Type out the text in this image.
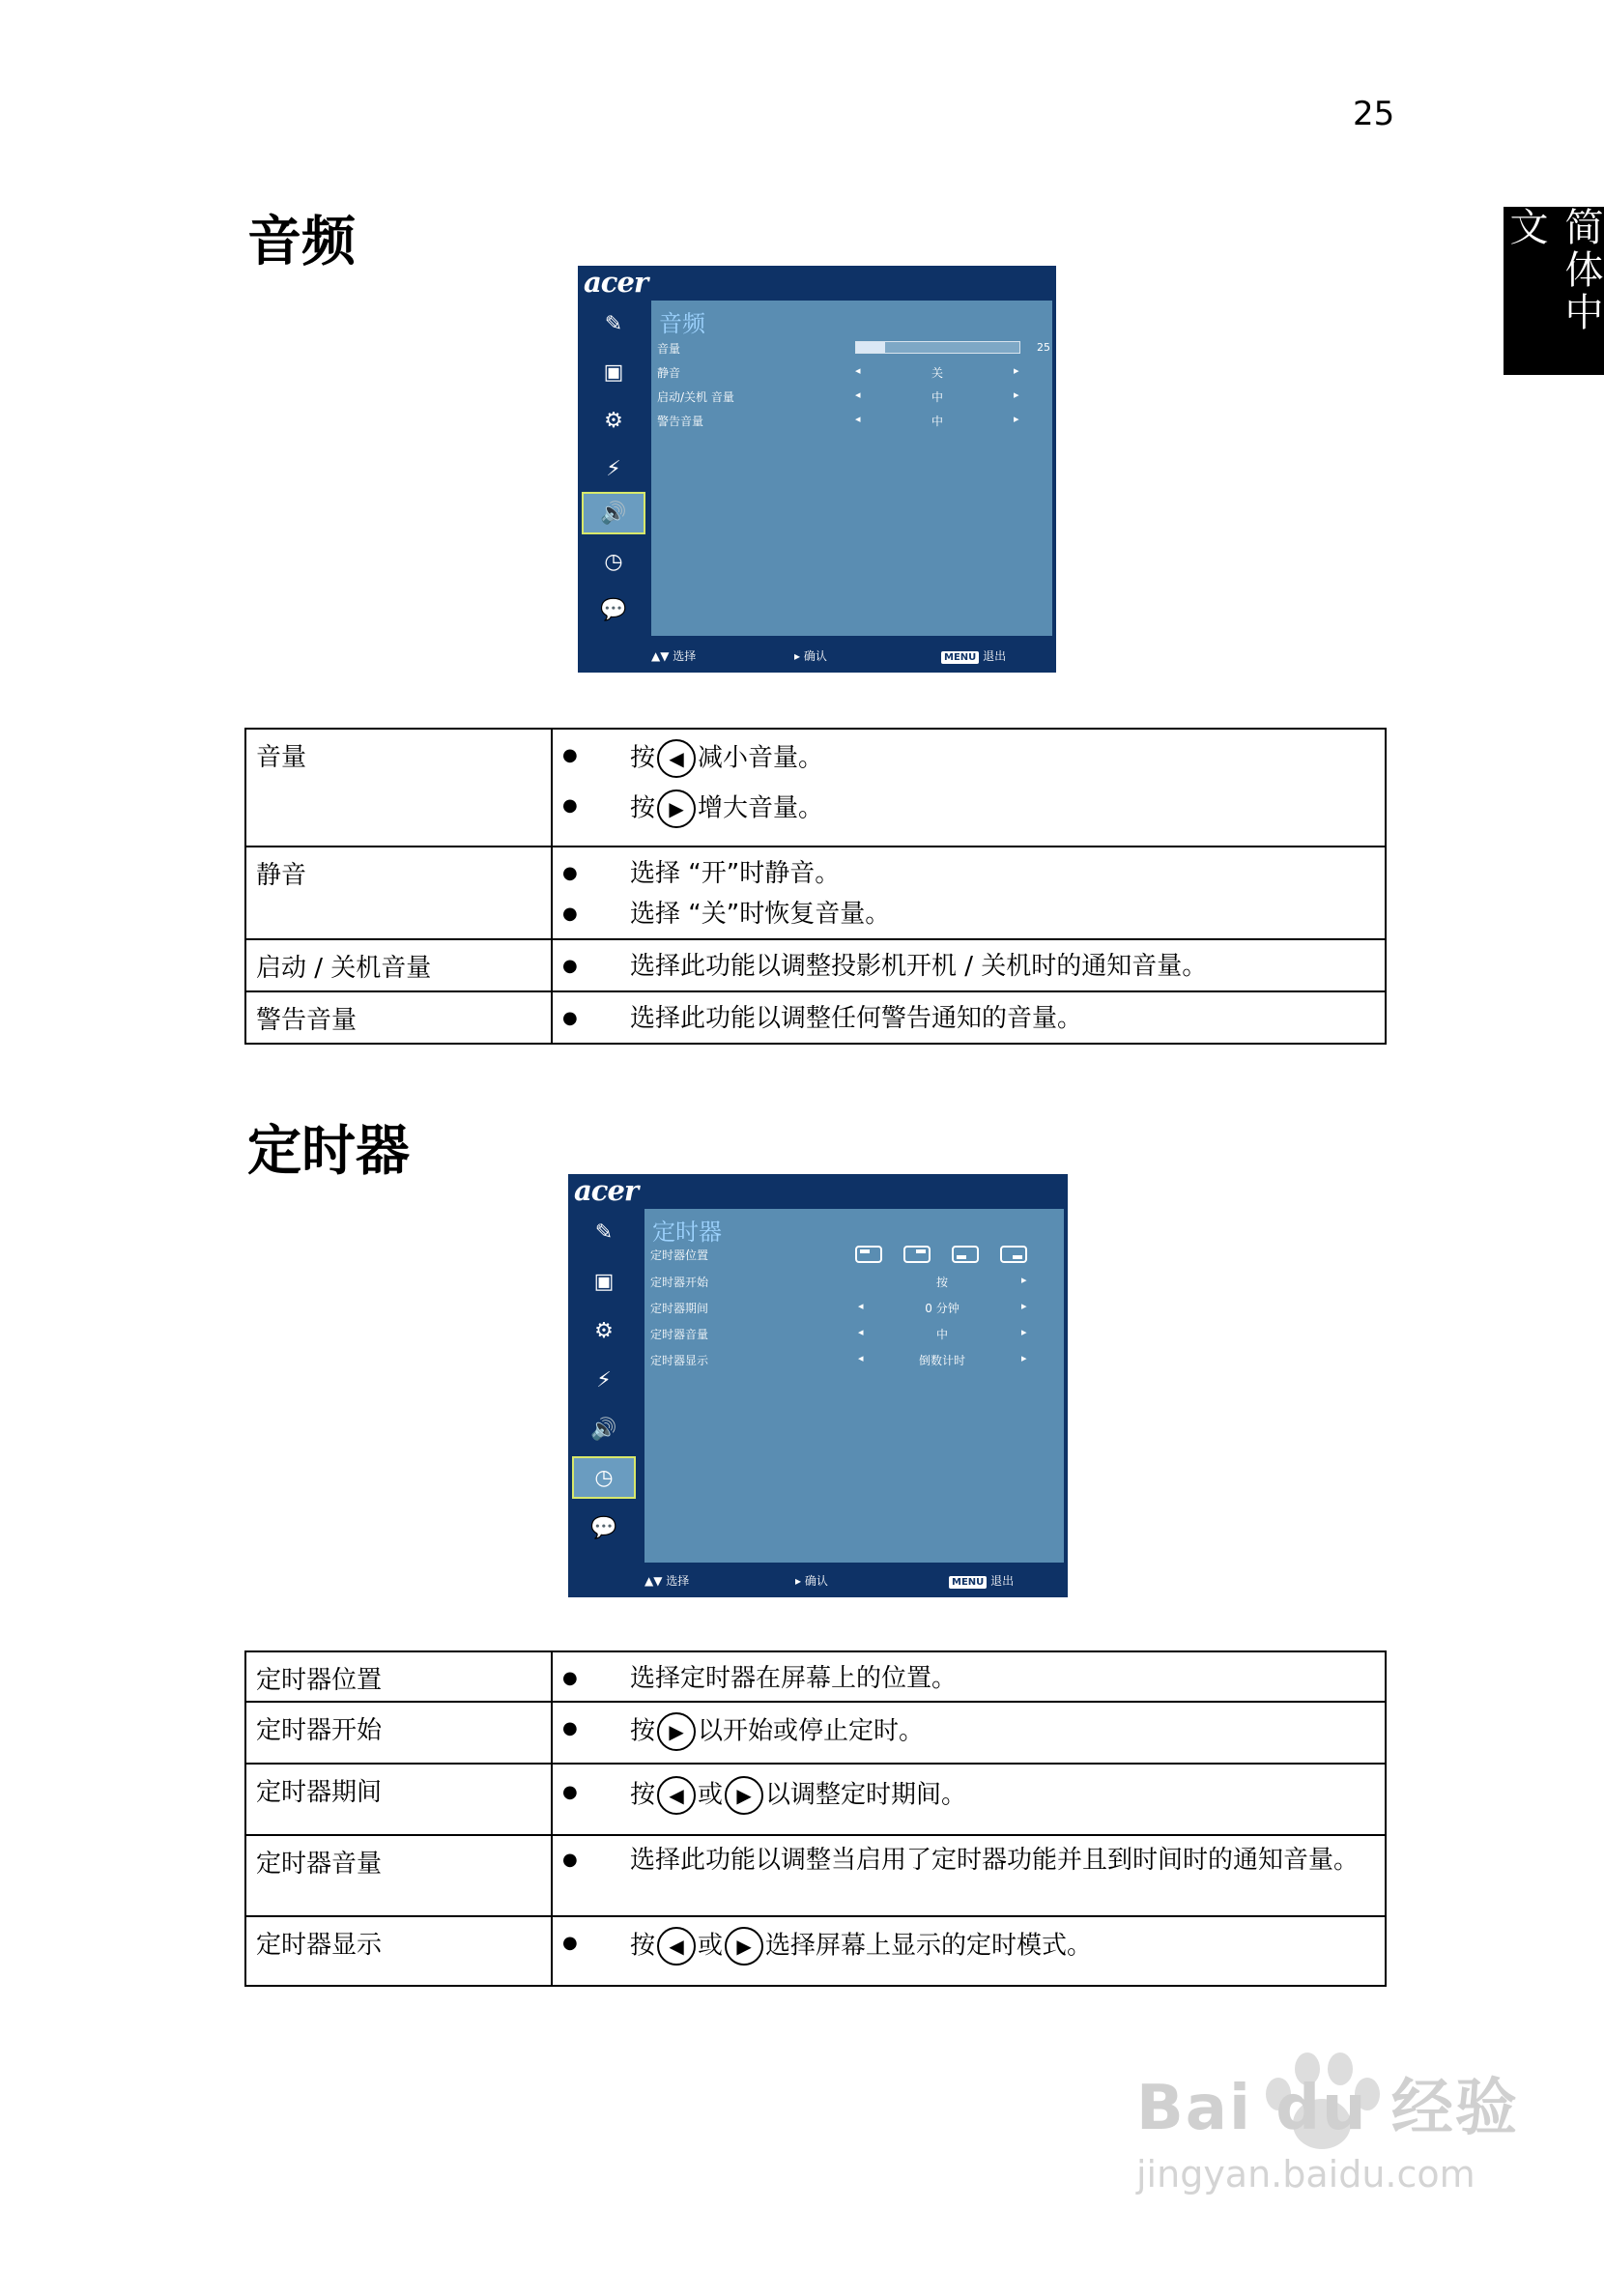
25
简体中文
音频
acer
✎
▣
⚙
⚡
🔊
◷
💬
音频
音量	25
静音	◂	关	▸
启动/关机 音量	◂	中	▸
警告音量	◂	中	▸
▲▼ 选择	▸ 确认	MENU 退出
音量	● 按 ◀ 减小音量。
● 按 ▶ 增大音量。

静音	● 选择 “开”时静音。
● 选择 “关”时恢复音量。

启动 / 关机音量	● 选择此功能以调整投影机开机 / 关机时的通知音量。

警告音量	● 选择此功能以调整任何警告通知的音量。
定时器
acer
✎
▣
⚙
⚡
🔊
◷
💬
定时器
定时器位置
定时器开始	按	▸
定时器期间	◂	0 分钟	▸
定时器音量	◂	中	▸
定时器显示	◂	倒数计时	▸
▲▼ 选择	▸ 确认	MENU 退出
定时器位置	● 选择定时器在屏幕上的位置。

定时器开始	● 按 ▶ 以开始或停止定时。

定时器期间	● 按 ◀ 或 ▶ 以调整定时期间。

定时器音量	● 选择此功能以调整当启用了定时器功能并且到时间时的通知音量。

定时器显示	● 按 ◀ 或 ▶ 选择屏幕上显示的定时模式。
Bai du 经验
jingyan.baidu.com
